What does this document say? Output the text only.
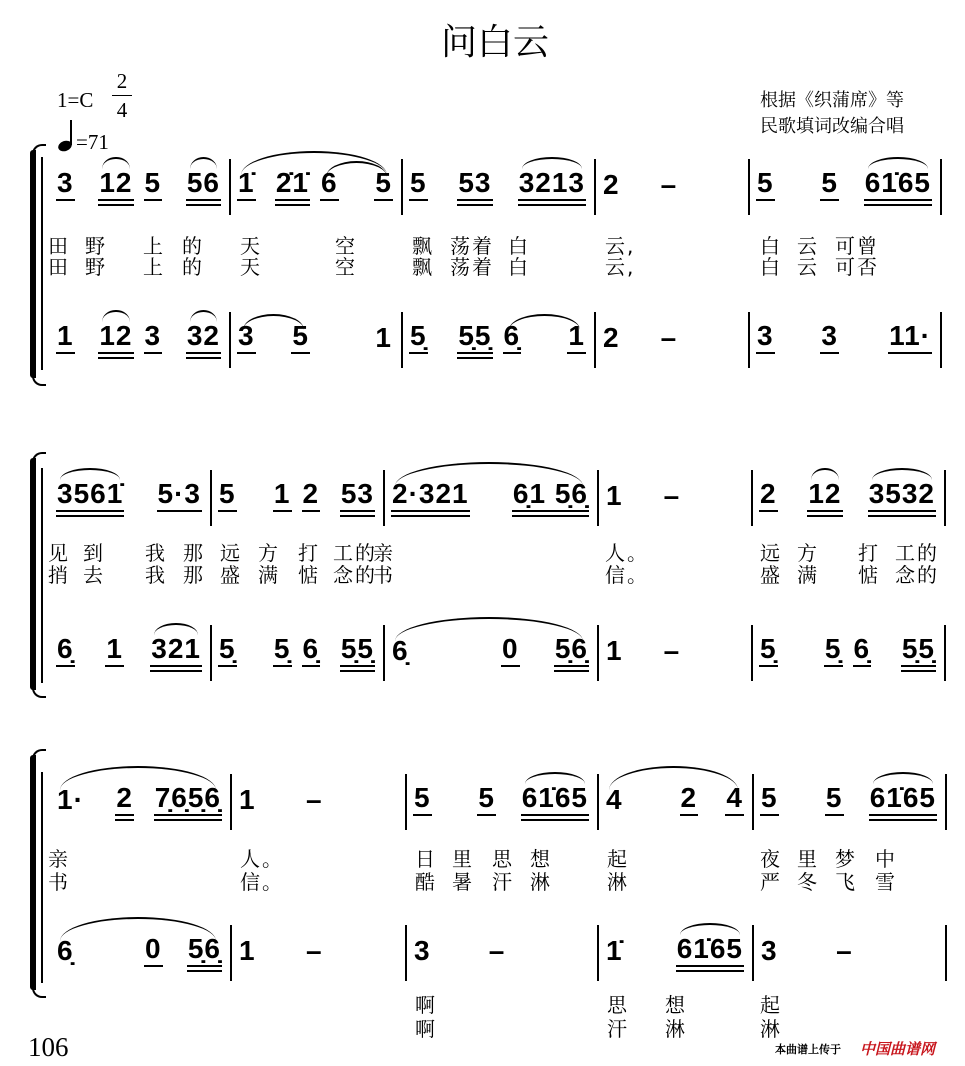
问白云
1=C
2
4
=71
根据《织蒲席》等
民歌填词改编合唱
3 12 5 56 1̇ 2̇1̇ 6 5 5 53 3213 2 –	5 5 61̇65
1 12 3 32 3 5 1 5̣ 5̣5̣ 6̣ 1 2 –	3 3 11·
田 野 上 的 天	空	飘 荡着 白	云,	白 云 可曾
田 野 上 的 天	空	飘 荡着 白	云,	白 云 可否
3561̇ 5·3 5 1 2 53 2·321 6̣1 5̣6̣ 1 –	2 12 3532
6̣ 1 321 5̣ 5̣ 6̣ 5̣5̣ 6̣	0 5̣6̣ 1 –	5̣ 5̣ 6̣ 5̣5̣
见 到 我 那 远 方 打 工的
亲	人。	远 方 打 工的
捎 去 我 那 盛 满 惦 念的
书	信。	盛 满 惦 念的
1· 2 7̣6̣5̣6̣ 1 –	5 5 61̇65 4 2 4 5 5 61̇65
6̣	0 5̣6̣ 1 –	3 –	1̇ 61̇65 3 –
亲	人。	日 里 思 想	起	夜 里 梦 中
书	信。	酷 暑 汗 淋	淋	严 冬 飞 雪
啊	思 想	起
啊	汗 淋	淋
106	本曲谱上传于 中国曲谱网
